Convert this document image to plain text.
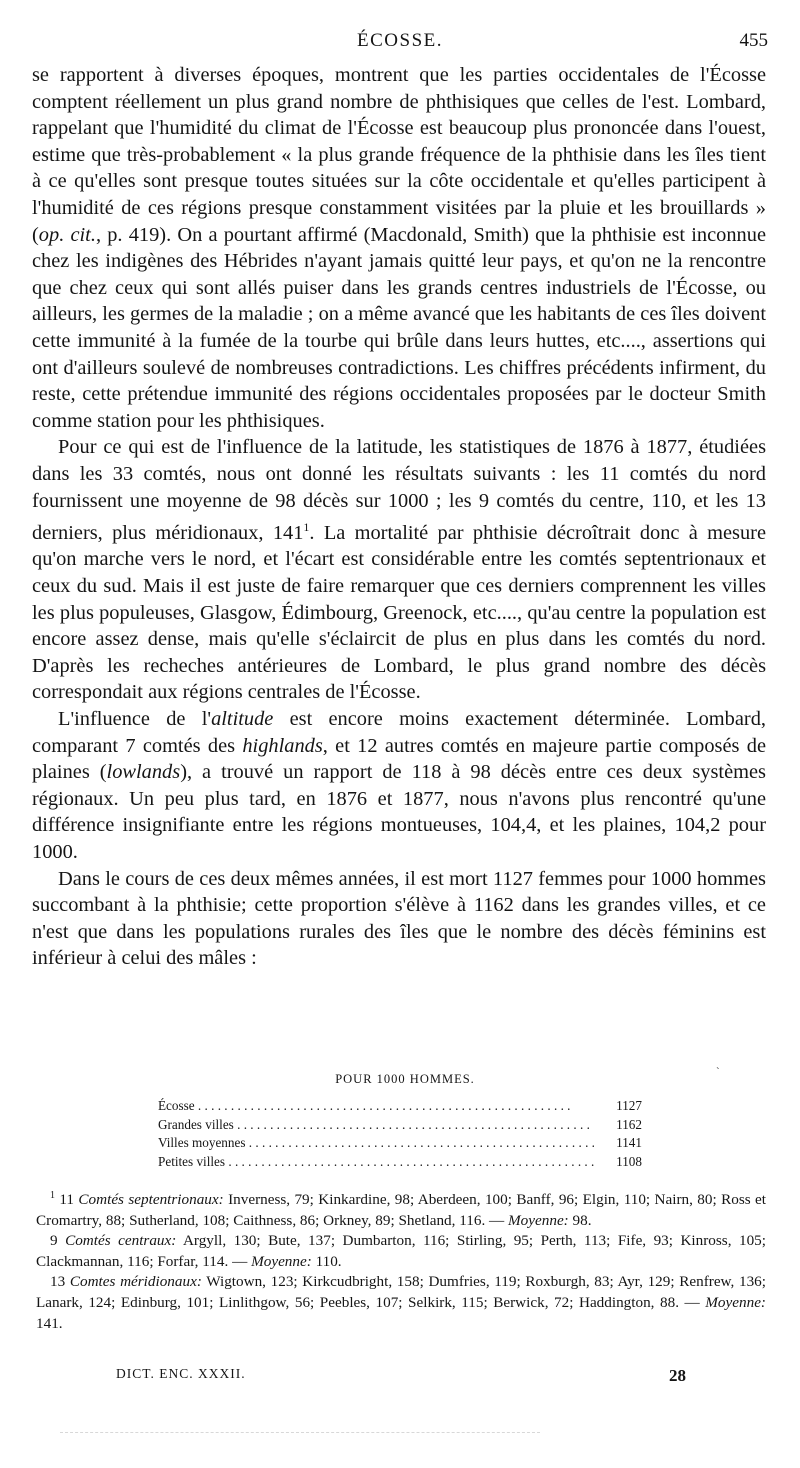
ÉCOSSE.	455

se rapportent à diverses époques, montrent que les parties occidentales de l'Écosse comptent réellement un plus grand nombre de phthisiques que celles de l'est. Lombard, rappelant que l'humidité du climat de l'Écosse est beaucoup plus prononcée dans l'ouest, estime que très-probablement « la plus grande fréquence de la phthisie dans les îles tient à ce qu'elles sont presque toutes situées sur la côte occidentale et qu'elles participent à l'humidité de ces régions presque constamment visitées par la pluie et les brouillards » (op. cit., p. 419). On a pourtant affirmé (Macdonald, Smith) que la phthisie est inconnue chez les indigènes des Hébrides n'ayant jamais quitté leur pays, et qu'on ne la rencontre que chez ceux qui sont allés puiser dans les grands centres industriels de l'Écosse, ou ailleurs, les germes de la maladie ; on a même avancé que les habitants de ces îles doivent cette immunité à la fumée de la tourbe qui brûle dans leurs huttes, etc...., assertions qui ont d'ailleurs soulevé de nombreuses contradictions. Les chiffres précédents infirment, du reste, cette prétendue immunité des régions occidentales proposées par le docteur Smith comme station pour les phthisiques.

Pour ce qui est de l'influence de la latitude, les statistiques de 1876 à 1877, étudiées dans les 33 comtés, nous ont donné les résultats suivants : les 11 comtés du nord fournissent une moyenne de 98 décès sur 1000 ; les 9 comtés du centre, 110, et les 13 derniers, plus méridionaux, $141^1$. La mortalité par phthisie décroîtrait donc à mesure qu'on marche vers le nord, et l'écart est considérable entre les comtés septentrionaux et ceux du sud. Mais il est juste de faire remarquer que ces derniers comprennent les villes les plus populeuses, Glasgow, Édimbourg, Greenock, etc...., qu'au centre la population est encore assez dense, mais qu'elle s'éclaircit de plus en plus dans les comtés du nord. D'après les recheches antérieures de Lombard, le plus grand nombre des décès correspondait aux régions centrales de l'Écosse.

L'influence de l'altitude est encore moins exactement déterminée. Lombard, comparant 7 comtés des highlands, et 12 autres comtés en majeure partie composés de plaines (lowlands), a trouvé un rapport de 118 à 98 décès entre ces deux systèmes régionaux. Un peu plus tard, en 1876 et 1877, nous n'avons plus rencontré qu'une différence insignifiante entre les régions montueuses, 104,4, et les plaines, 104,2 pour 1000.

Dans le cours de ces deux mêmes années, il est mort 1127 femmes pour 1000 hommes succombant à la phthisie; cette proportion s'élève à 1162 dans les grandes villes, et ce n'est que dans les populations rurales des îles que le nombre des décès féminins est inférieur à celui des mâles :

ˋ
POUR 1000 HOMMES.
Écosse . . .	1127
Grandes villes . . .	1162
Villes moyennes . . .	1141
Petites villes . . .	1108

$^1$ 11 Comtés septentrionaux: Inverness, 79; Kinkardine, 98; Aberdeen, 100; Banff, 96; Elgin, 110; Nairn, 80; Ross et Cromartry, 88; Sutherland, 108; Caithness, 86; Orkney, 89; Shetland, 116. — Moyenne: 98.

9 Comtés centraux: Argyll, 130; Bute, 137; Dumbarton, 116; Stirling, 95; Perth, 113; Fife, 93; Kinross, 105; Clackmannan, 116; Forfar, 114. — Moyenne: 110.

13 Comtes méridionaux: Wigtown, 123; Kirkcudbright, 158; Dumfries, 119; Roxburgh, 83; Ayr, 129; Renfrew, 136; Lanark, 124; Edinburg, 101; Linlithgow, 56; Peebles, 107; Selkirk, 115; Berwick, 72; Haddington, 88. — Moyenne: 141.

DICT. ENC. XXXII.	28
